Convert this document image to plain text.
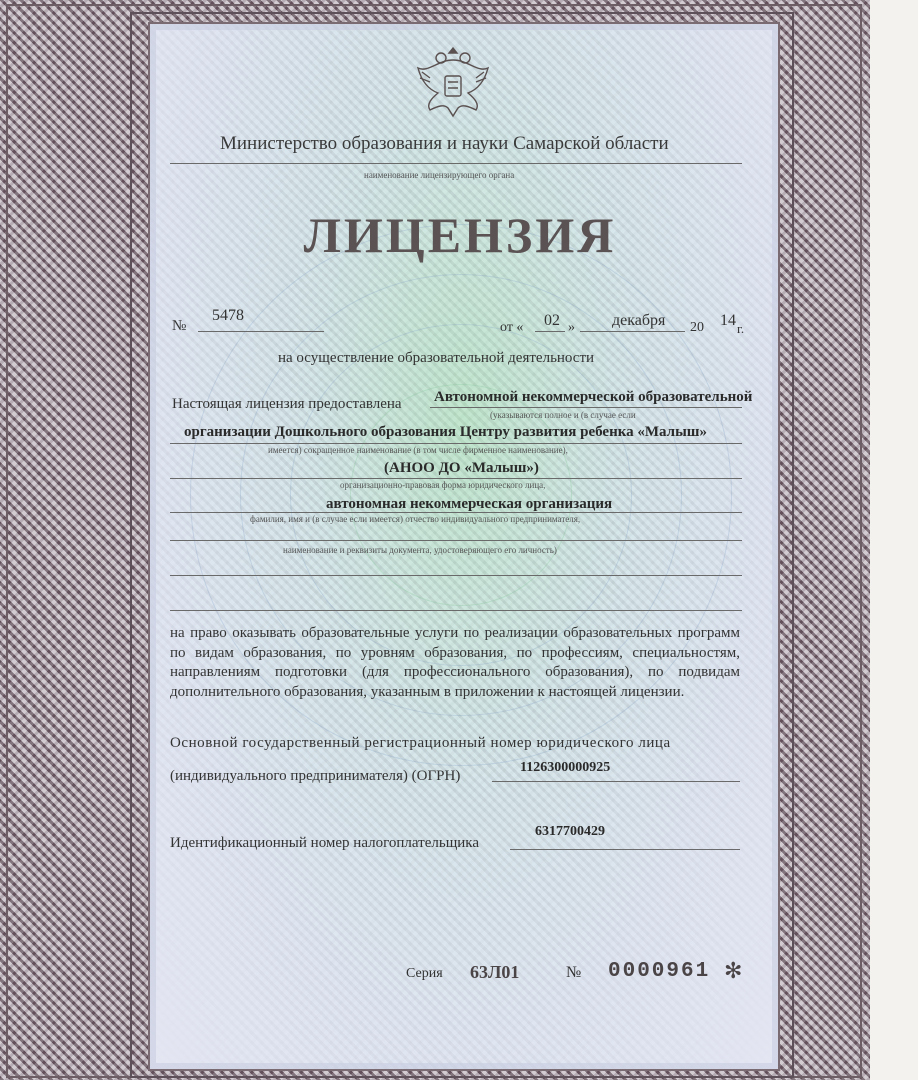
Министерство образования и науки Самарской области
наименование лицензирующего органа
ЛИЦЕНЗИЯ
№
5478
от « 02 » декабря 20 14 г.
на осуществление образовательной деятельности
Настоящая лицензия предоставлена Автономной некоммерческой образовательной
(указываются полное и (в случае если
организации Дошкольного образования Центру развития ребенка «Малыш»
имеется) сокращенное наименование (в том числе фирменное наименование),
(АНОО ДО «Малыш»)
организационно-правовая форма юридического лица,
автономная некоммерческая организация
фамилия, имя и (в случае если имеется) отчество индивидуального предпринимателя,
наименование и реквизиты документа, удостоверяющего его личность)
на право оказывать образовательные услуги по реализации образовательных программ по видам образования, по уровням образования, по профессиям, специальностям, направлениям подготовки (для профессионального образования), по подвидам дополнительного образования, указанным в приложении к настоящей лицензии.
Основной государственный регистрационный номер юридического лица
(индивидуального предпринимателя) (ОГРН)
1126300000925
Идентификационный номер налогоплательщика
6317700429
Серия 63Л01	№ 0000961 ✻
